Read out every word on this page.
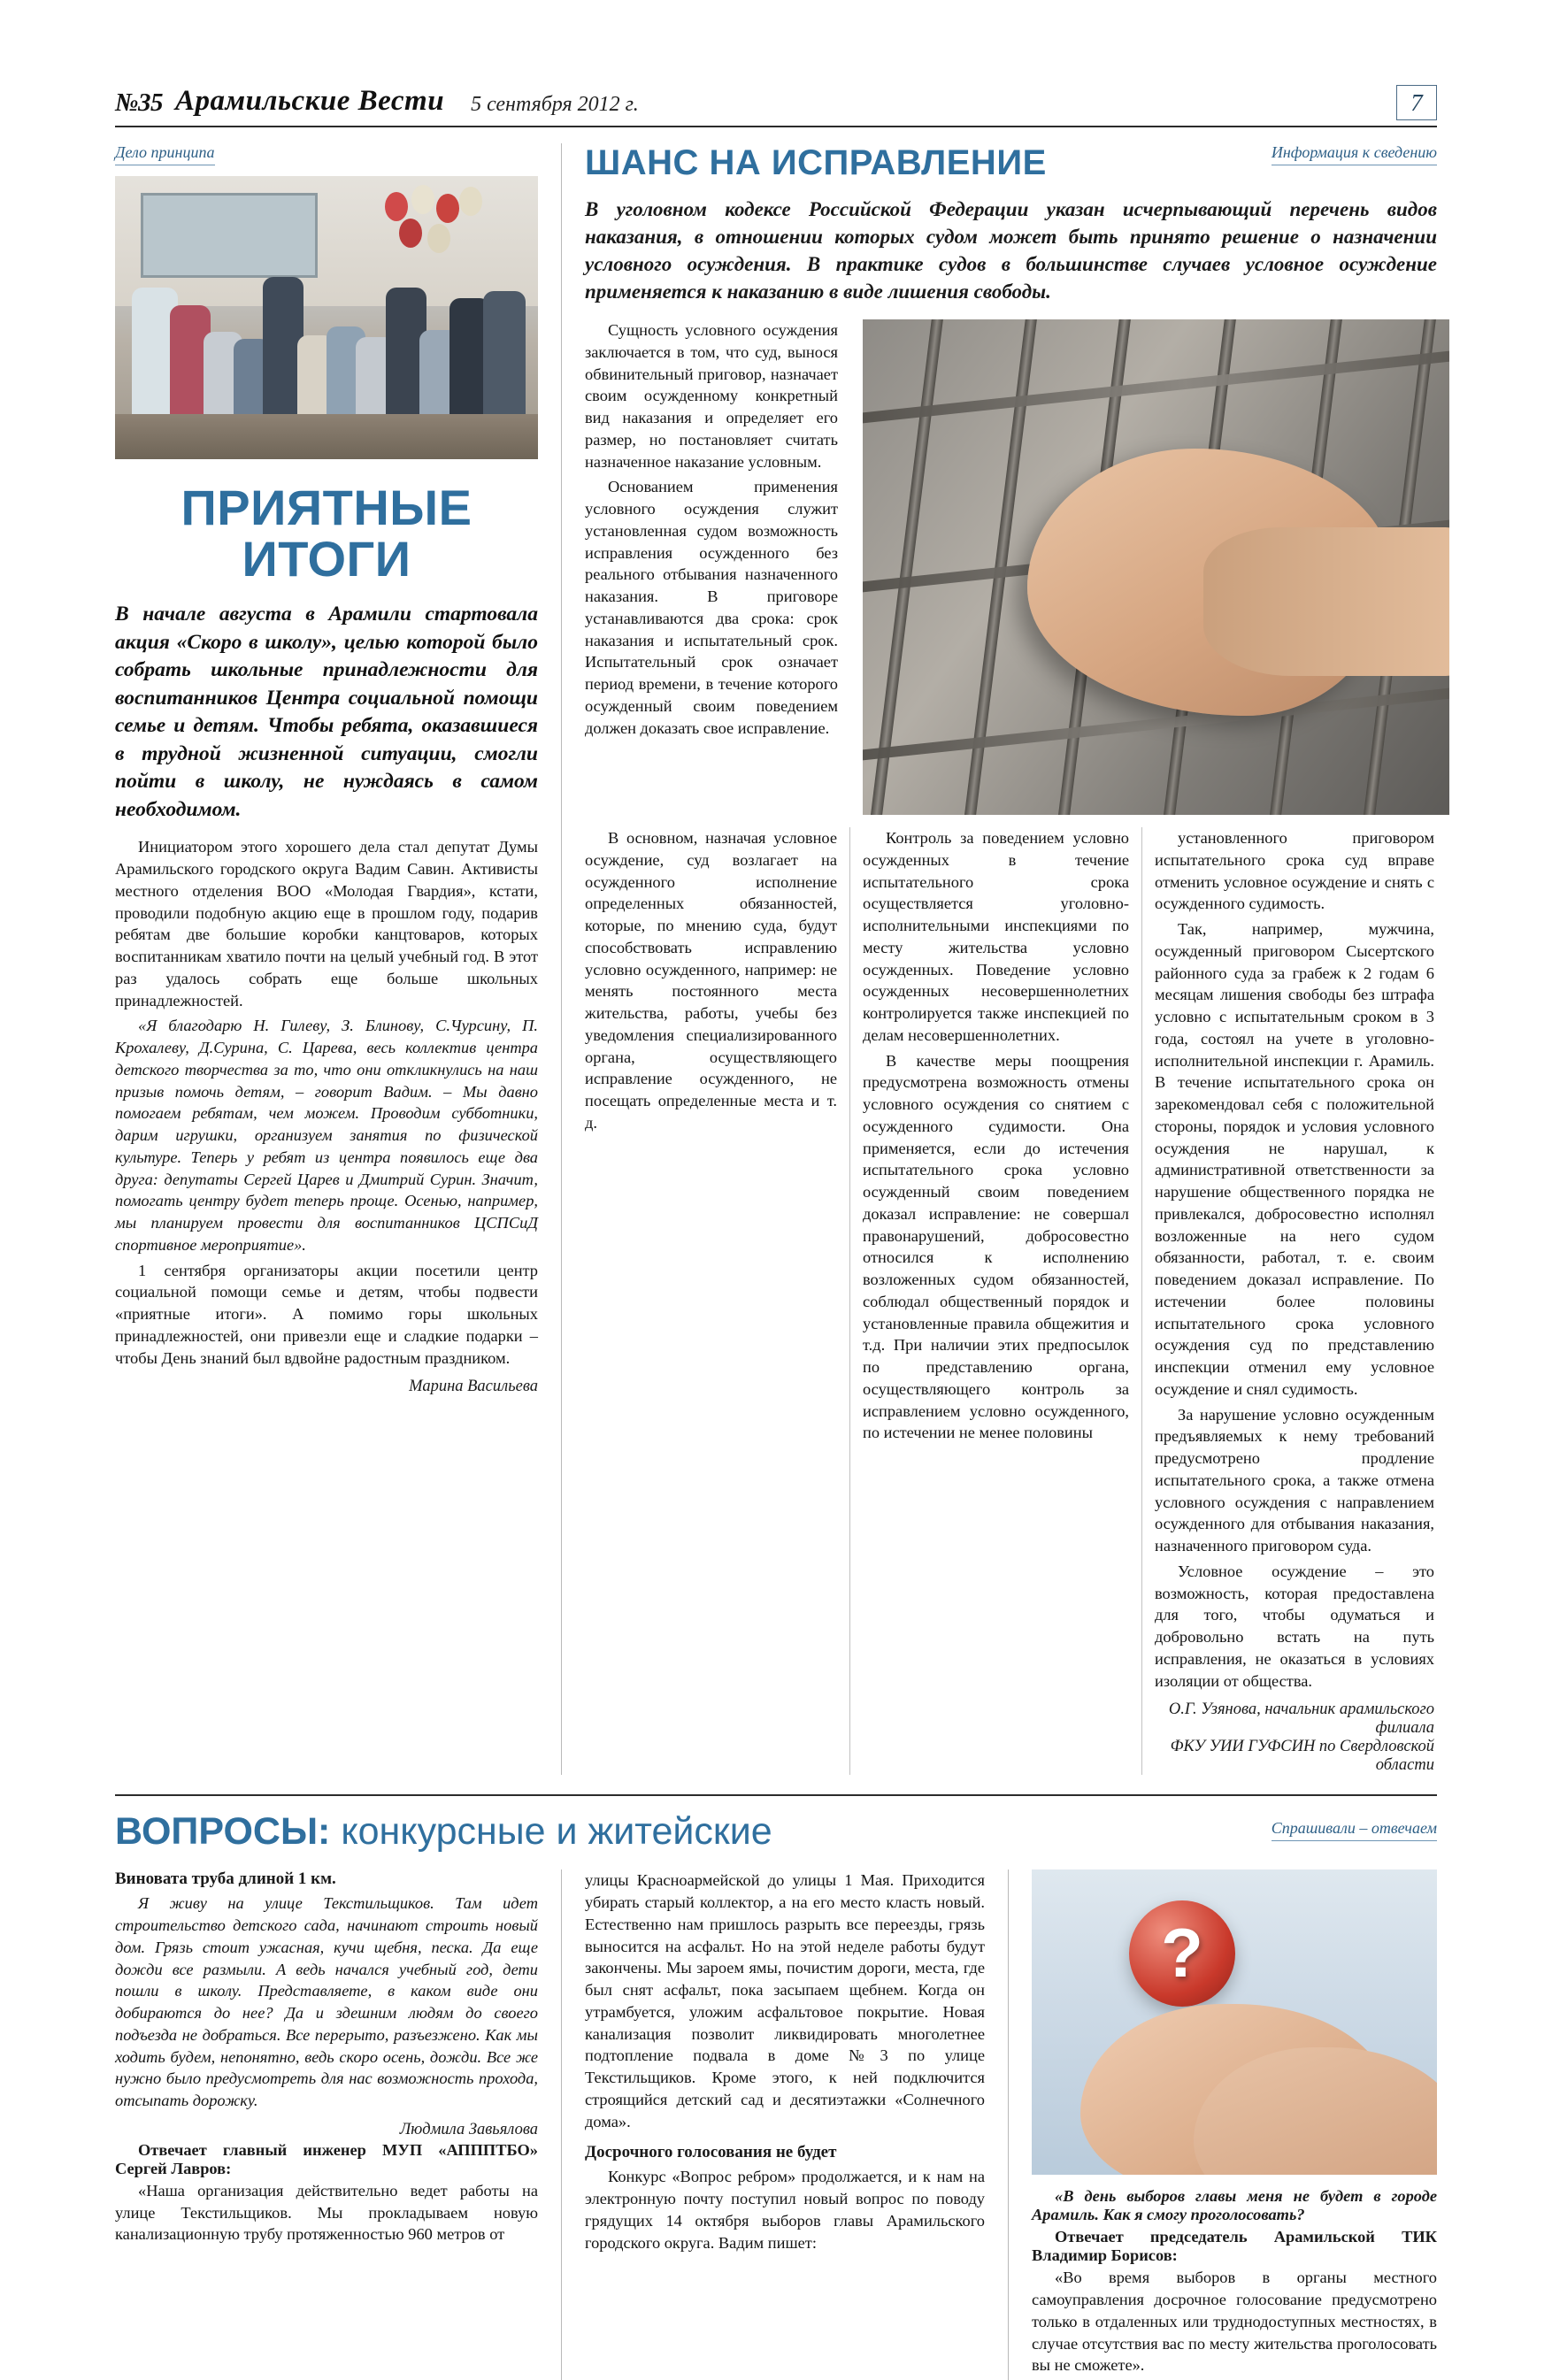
№35 Арамильские Вести 5 сентября 2012 г.	7
Дело принципа
ПРИЯТНЫЕ
ИТОГИ
В начале августа в Арамили стартовала акция «Скоро в школу», целью которой было собрать школьные принадлежности для воспитанников Центра социальной помощи семье и детям. Чтобы ребята, оказавшиеся в трудной жизненной ситуации, смогли пойти в школу, не нуждаясь в самом необходимом.

Инициатором этого хорошего дела стал депутат Думы Арамильского городского округа Вадим Савин. Активисты местного отделения ВОО «Молодая Гвардия», кстати, проводили подобную акцию еще в прошлом году, подарив ребятам две большие коробки канцтоваров, которых воспитанникам хватило почти на целый учебный год. В этот раз удалось собрать еще больше школьных принадлежностей.

«Я благодарю Н. Гилеву, З. Блинову, С.Чурсину, П. Крохалеву, Д.Сурина, С. Царева, весь коллектив центра детского творчества за то, что они откликнулись на наш призыв помочь детям, – говорит Вадим. – Мы давно помогаем ребятам, чем можем. Проводим субботники, дарим игрушки, организуем занятия по физической культуре. Теперь у ребят из центра появилось еще два друга: депутаты Сергей Царев и Дмитрий Сурин. Значит, помогать центру будет теперь проще. Осенью, например, мы планируем провести для воспитанников ЦСПСиД спортивное мероприятие».

1 сентября организаторы акции посетили центр социальной помощи семье и детям, чтобы подвести «приятные итоги». А помимо горы школьных принадлежностей, они привезли еще и сладкие подарки – чтобы День знаний был вдвойне радостным праздником.

Марина Васильева
Информация к сведению
ШАНС НА ИСПРАВЛЕНИЕ
В уголовном кодексе Российской Федерации указан исчерпывающий перечень видов наказания, в отношении которых судом может быть принято решение о назначении условного осуждения. В практике судов в большинстве случаев условное осуждение применяется к наказанию в виде лишения свободы.

Сущность условного осуждения заключается в том, что суд, вынося обвинительный приговор, назначает своим осужденному конкретный вид наказания и определяет его размер, но постановляет считать назначенное наказание условным.

Основанием применения условного осуждения служит установленная судом возможность исправления осужденного без реального отбывания назначенного наказания. В приговоре устанавливаются два срока: срок наказания и испытательный срок. Испытательный срок означает период времени, в течение которого осужденный своим поведением должен доказать свое исправление.

В основном, назначая условное осуждение, суд возлагает на осужденного исполнение определенных обязанностей, которые, по мнению суда, будут способствовать исправлению условно осужденного, например: не менять постоянного места жительства, работы, учебы без уведомления специализированного органа, осуществляющего исправление осужденного, не посещать определенные места и т. д.

Контроль за поведением условно осужденных в течение испытательного срока осуществляется уголовно-исполнительными инспекциями по месту жительства условно осужденных. Поведение условно осужденных несовершеннолетних контролируется также инспекцией по делам несовершеннолетних.

В качестве меры поощрения предусмотрена возможность отмены условного осуждения со снятием с осужденного судимости. Она применяется, если до истечения испытательного срока условно осужденный своим поведением доказал исправление: не совершал правонарушений, добросовестно относился к исполнению возложенных судом обязанностей, соблюдал общественный порядок и установленные правила общежития и т.д. При наличии этих предпосылок по представлению органа, осуществляющего контроль за исправлением условно осужденного, по истечении не менее половины

установленного приговором испытательного срока суд вправе отменить условное осуждение и снять с осужденного судимость.

Так, например, мужчина, осужденный приговором Сысертского районного суда за грабеж к 2 годам 6 месяцам лишения свободы без штрафа условно с испытательным сроком в 3 года, состоял на учете в уголовно-исполнительной инспекции г. Арамиль. В течение испытательного срока он зарекомендовал себя с положительной стороны, порядок и условия условного осуждения не нарушал, к административной ответственности за нарушение общественного порядка не привлекался, добросовестно исполнял возложенные на него судом обязанности, работал, т. е. своим поведением доказал исправление. По истечении более половины испытательного срока условного осуждения суд по представлению инспекции отменил ему условное осуждение и снял судимость.

За нарушение условно осужденным предъявляемых к нему требований предусмотрено продление испытательного срока, а также отмена условного осуждения с направлением осужденного для отбывания наказания, назначенного приговором суда.

Условное осуждение – это возможность, которая предоставлена для того, чтобы одуматься и добровольно встать на путь исправления, не оказаться в условиях изоляции от общества.

О.Г. Узянова, начальник арамильского филиала
ФКУ УИИ ГУФСИН по Свердловской области
Спрашивали – отвечаем
ВОПРОСЫ: конкурсные и житейские
Виновата труба длиной 1 км.

Я живу на улице Текстильщиков. Там идет строительство детского сада, начинают строить новый дом. Грязь стоит ужасная, кучи щебня, песка. Да еще дожди все размыли. А ведь начался учебный год, дети пошли в школу. Представляете, в каком виде они добираются до нее? Да и здешним людям до своего подъезда не добраться. Все перерыто, разъезжено. Как мы ходить будем, непонятно, ведь скоро осень, дожди. Все же нужно было предусмотреть для нас возможность прохода, отсыпать дорожку.

Людмила Завьялова
Отвечает главный инженер МУП «АПППТБО» Сергей Лавров:

«Наша организация действительно ведет работы на улице Текстильщиков. Мы прокладываем новую канализационную трубу протяженностью 960 метров от

улицы Красноармейской до улицы 1 Мая. Приходится убирать старый коллектор, а на его место класть новый. Естественно нам пришлось разрыть все переезды, грязь выносится на асфальт. Но на этой неделе работы будут закончены. Мы зароем ямы, почистим дороги, места, где был снят асфальт, пока засыпаем щебнем. Когда он утрамбуется, уложим асфальтовое покрытие. Новая канализация позволит ликвидировать многолетнее подтопление подвала в доме №3 по улице Текстильщиков. Кроме этого, к ней подключится строящийся детский сад и десятиэтажки «Солнечного дома».

Досрочного голосования не будет

Конкурс «Вопрос ребром» продолжается, и к нам на электронную почту поступил новый вопрос по поводу грядущих 14 октября выборов главы Арамильского городского округа. Вадим пишет:

?

«В день выборов главы меня не будет в городе Арамиль. Как я смогу проголосовать?

Отвечает председатель Арамильской ТИК Владимир Борисов:

«Во время выборов в органы местного самоуправления досрочное голосование предусмотрено только в отдаленных или труднодоступных местностях, в случае отсутствия вас по месту жительства проголосовать вы не сможете».
